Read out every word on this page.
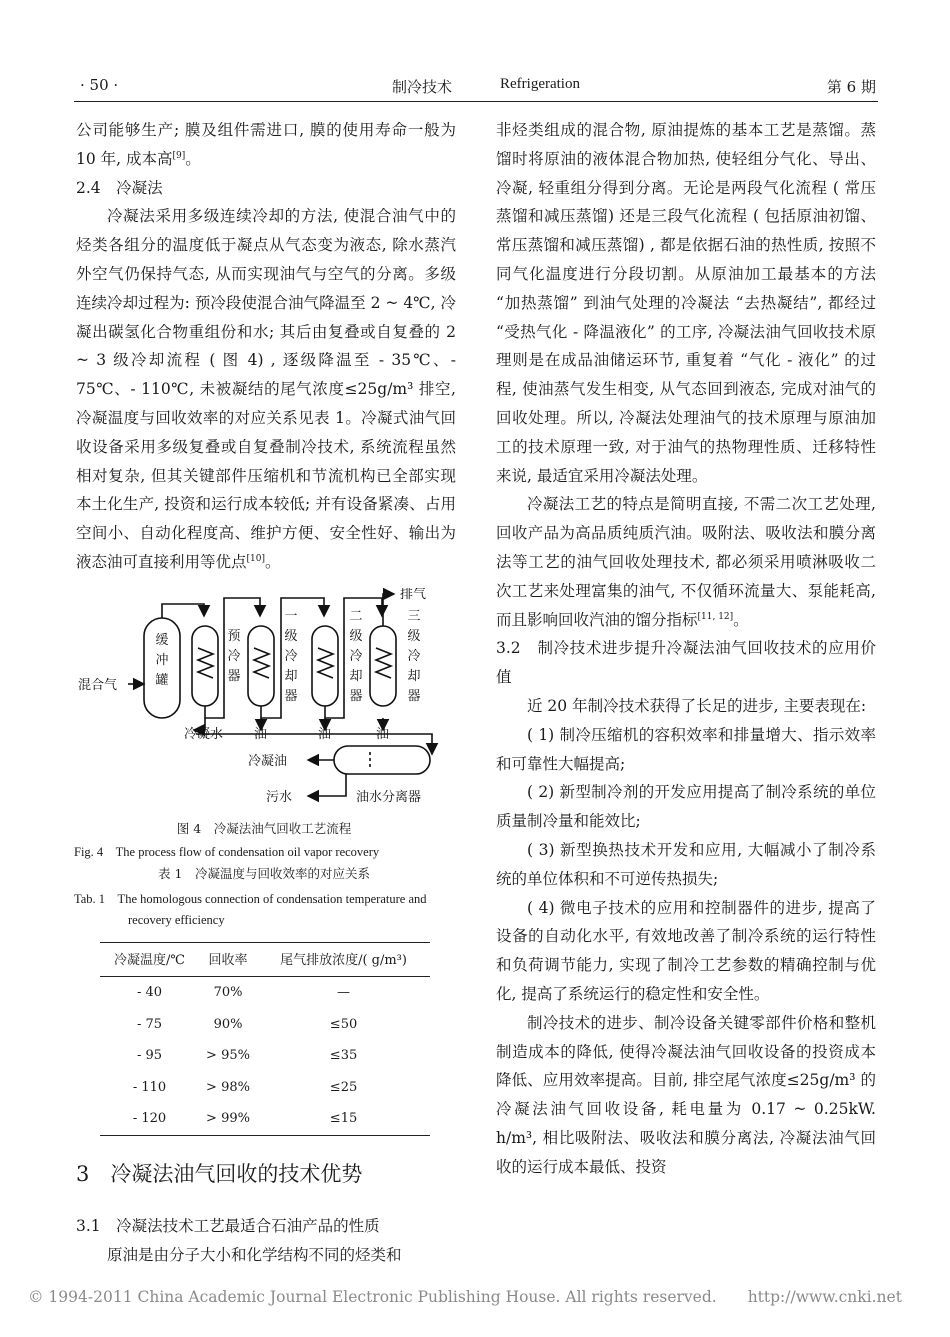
· 50 ·	制冷技术	Refrigeration	第 6 期

公司能够生产; 膜及组件需进口, 膜的使用寿命一般为 10 年, 成本高[9]。

2.4　冷凝法

冷凝法采用多级连续冷却的方法, 使混合油气中的烃类各组分的温度低于凝点从气态变为液态, 除水蒸汽外空气仍保持气态, 从而实现油气与空气的分离。多级连续冷却过程为: 预冷段使混合油气降温至 2 ~ 4℃, 冷凝出碳氢化合物重组份和水; 其后由复叠或自复叠的 2 ~ 3 级冷却流程 ( 图 4) , 逐级降温至 - 35℃、- 75℃、- 110℃, 未被凝结的尾气浓度≤25g/m³ 排空, 冷凝温度与回收效率的对应关系见表 1。冷凝式油气回收设备采用多级复叠或自复叠制冷技术, 系统流程虽然相对复杂, 但其关键部件压缩机和节流机构已全部实现本土化生产, 投资和运行成本较低; 并有设备紧凑、占用空间小、自动化程度高、维护方便、安全性好、输出为液态油可直接利用等优点[10]。

排气
混合气
缓
冲
罐
预
冷
器
一
级
冷
却
器
二
级
冷
却
器
三
级
冷
却
器
冷凝水 油	油	油
冷凝油
污水	油水分离器
图 4　冷凝法油气回收工艺流程
Fig. 4　The process flow of condensation oil vapor recovery
表 1　冷凝温度与回收效率的对应关系
Tab. 1　The homologous connection of condensation temperature and recovery efficiency
冷凝温度/℃	回收率	尾气排放浓度/( g/m³)
- 40	70%	—
- 75	90%	≤50
- 95	> 95%	≤35
- 110	> 98%	≤25
- 120	> 99%	≤15
3　冷凝法油气回收的技术优势

3.1　冷凝法技术工艺最适合石油产品的性质

原油是由分子大小和化学结构不同的烃类和

非烃类组成的混合物, 原油提炼的基本工艺是蒸馏。蒸馏时将原油的液体混合物加热, 使轻组分气化、导出、冷凝, 轻重组分得到分离。无论是两段气化流程 ( 常压蒸馏和减压蒸馏) 还是三段气化流程 ( 包括原油初馏、常压蒸馏和减压蒸馏) , 都是依据石油的热性质, 按照不同气化温度进行分段切割。从原油加工最基本的方法 “加热蒸馏” 到油气处理的冷凝法 “去热凝结”, 都经过 “受热气化 - 降温液化” 的工序, 冷凝法油气回收技术原理则是在成品油储运环节, 重复着 “气化 - 液化” 的过程, 使油蒸气发生相变, 从气态回到液态, 完成对油气的回收处理。所以, 冷凝法处理油气的技术原理与原油加工的技术原理一致, 对于油气的热物理性质、迁移特性来说, 最适宜采用冷凝法处理。

冷凝法工艺的特点是简明直接, 不需二次工艺处理, 回收产品为高品质纯质汽油。吸附法、吸收法和膜分离法等工艺的油气回收处理技术, 都必须采用喷淋吸收二次工艺来处理富集的油气, 不仅循环流量大、泵能耗高, 而且影响回收汽油的馏分指标[11, 12]。

3.2　制冷技术进步提升冷凝法油气回收技术的应用价值

近 20 年制冷技术获得了长足的进步, 主要表现在:

( 1) 制冷压缩机的容积效率和排量增大、指示效率和可靠性大幅提高;

( 2) 新型制冷剂的开发应用提高了制冷系统的单位质量制冷量和能效比;

( 3) 新型换热技术开发和应用, 大幅减小了制冷系统的单位体积和不可逆传热损失;

( 4) 微电子技术的应用和控制器件的进步, 提高了设备的自动化水平, 有效地改善了制冷系统的运行特性和负荷调节能力, 实现了制冷工艺参数的精确控制与优化, 提高了系统运行的稳定性和安全性。

制冷技术的进步、制冷设备关键零部件价格和整机制造成本的降低, 使得冷凝法油气回收设备的投资成本降低、应用效率提高。目前, 排空尾气浓度≤25g/m³ 的冷凝法油气回收设备, 耗电量为 0.17 ~ 0.25kW. h/m³, 相比吸附法、吸收法和膜分离法, 冷凝法油气回收的运行成本最低、投资

© 1994-2011 China Academic Journal Electronic Publishing House. All rights reserved.　　http://www.cnki.net
